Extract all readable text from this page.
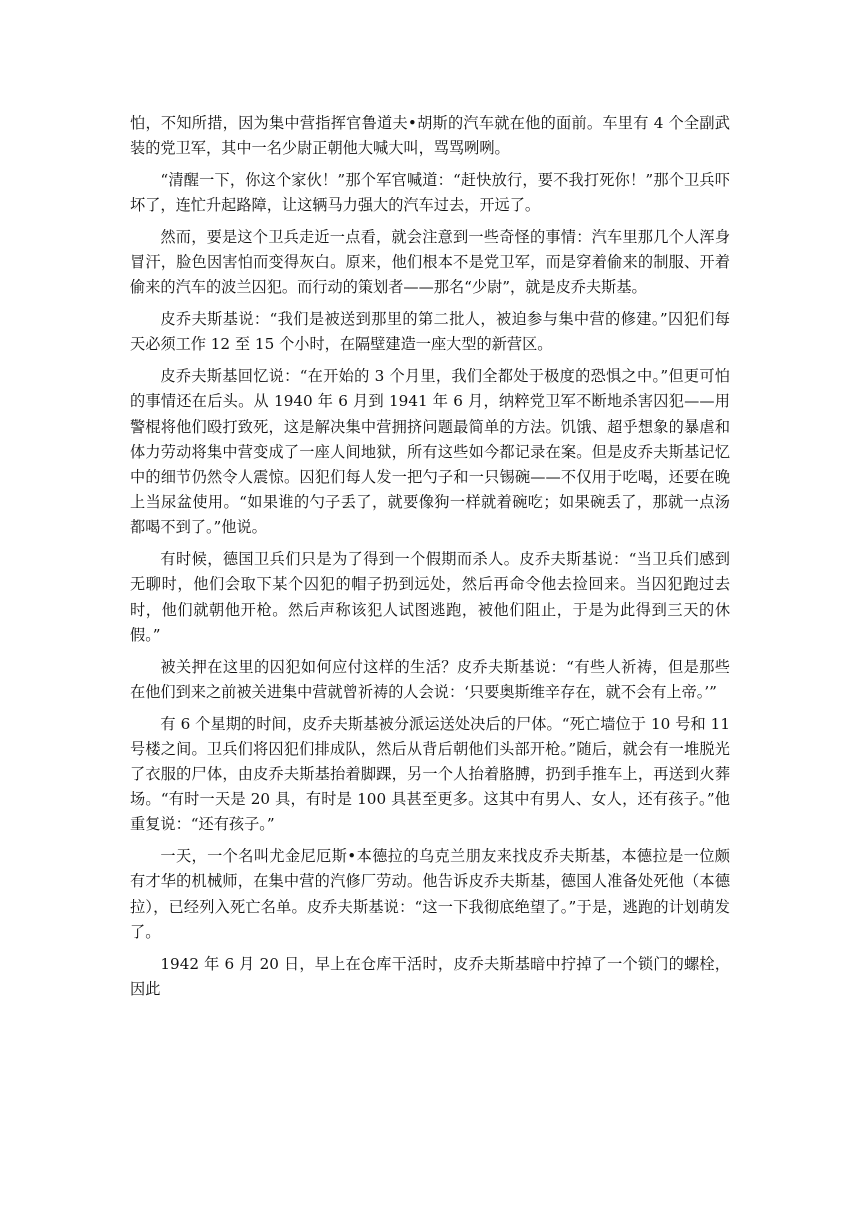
怕，不知所措，因为集中营指挥官鲁道夫•胡斯的汽车就在他的面前。车里有 4 个全副武装的党卫军，其中一名少尉正朝他大喊大叫，骂骂咧咧。

“清醒一下，你这个家伙！”那个军官喊道：“赶快放行，要不我打死你！”那个卫兵吓坏了，连忙升起路障，让这辆马力强大的汽车过去，开远了。

然而，要是这个卫兵走近一点看，就会注意到一些奇怪的事情：汽车里那几个人浑身冒汗，脸色因害怕而变得灰白。原来，他们根本不是党卫军，而是穿着偷来的制服、开着偷来的汽车的波兰囚犯。而行动的策划者——那名“少尉”，就是皮乔夫斯基。

皮乔夫斯基说：“我们是被送到那里的第二批人，被迫参与集中营的修建。”囚犯们每天必须工作 12 至 15 个小时，在隔壁建造一座大型的新营区。

皮乔夫斯基回忆说：“在开始的 3 个月里，我们全都处于极度的恐惧之中。”但更可怕的事情还在后头。从 1940 年 6 月到 1941 年 6 月，纳粹党卫军不断地杀害囚犯——用警棍将他们殴打致死，这是解决集中营拥挤问题最简单的方法。饥饿、超乎想象的暴虐和体力劳动将集中营变成了一座人间地狱，所有这些如今都记录在案。但是皮乔夫斯基记忆中的细节仍然令人震惊。囚犯们每人发一把勺子和一只锡碗——不仅用于吃喝，还要在晚上当尿盆使用。“如果谁的勺子丢了，就要像狗一样就着碗吃；如果碗丢了，那就一点汤都喝不到了。”他说。

有时候，德国卫兵们只是为了得到一个假期而杀人。皮乔夫斯基说：“当卫兵们感到无聊时，他们会取下某个囚犯的帽子扔到远处，然后再命令他去捡回来。当囚犯跑过去时，他们就朝他开枪。然后声称该犯人试图逃跑，被他们阻止，于是为此得到三天的休假。”

被关押在这里的囚犯如何应付这样的生活？皮乔夫斯基说：“有些人祈祷，但是那些在他们到来之前被关进集中营就曾祈祷的人会说：‘只要奥斯维辛存在，就不会有上帝。’”

有 6 个星期的时间，皮乔夫斯基被分派运送处决后的尸体。“死亡墙位于 10 号和 11 号楼之间。卫兵们将囚犯们排成队，然后从背后朝他们头部开枪。”随后，就会有一堆脱光了衣服的尸体，由皮乔夫斯基抬着脚踝，另一个人抬着胳膊，扔到手推车上，再送到火葬场。“有时一天是 20 具，有时是 100 具甚至更多。这其中有男人、女人，还有孩子。”他重复说：“还有孩子。”

一天，一个名叫尤金尼厄斯•本德拉的乌克兰朋友来找皮乔夫斯基，本德拉是一位颇有才华的机械师，在集中营的汽修厂劳动。他告诉皮乔夫斯基，德国人准备处死他（本德拉），已经列入死亡名单。皮乔夫斯基说：“这一下我彻底绝望了。”于是，逃跑的计划萌发了。

1942 年 6 月 20 日，早上在仓库干活时，皮乔夫斯基暗中拧掉了一个锁门的螺栓，因此
